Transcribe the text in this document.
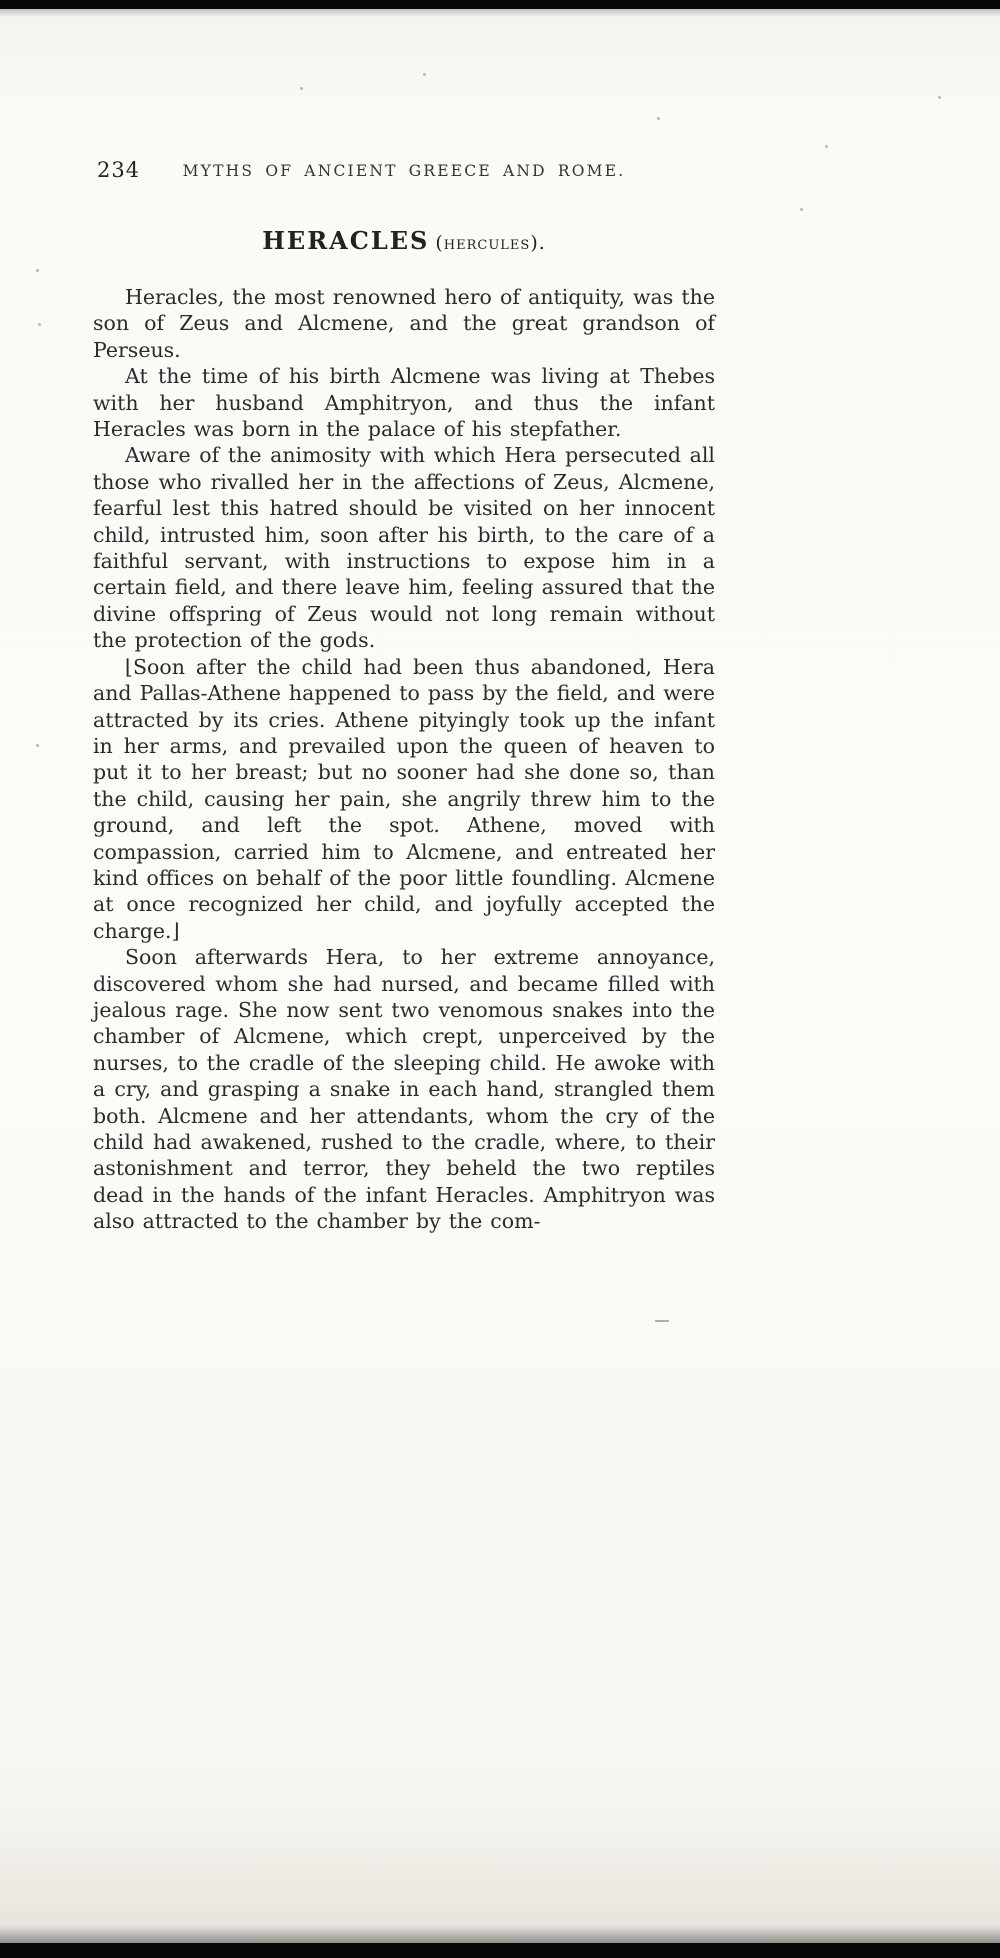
234	MYTHS OF ANCIENT GREECE AND ROME.
HERACLES (hercules).

Heracles, the most renowned hero of antiquity, was the son of Zeus and Alcmene, and the great grandson of Perseus.

At the time of his birth Alcmene was living at Thebes with her husband Amphitryon, and thus the infant Heracles was born in the palace of his stepfather.

Aware of the animosity with which Hera persecuted all those who rivalled her in the affections of Zeus, Alcmene, fearful lest this hatred should be visited on her innocent child, intrusted him, soon after his birth, to the care of a faithful servant, with instructions to expose him in a certain field, and there leave him, feeling assured that the divine offspring of Zeus would not long remain without the protection of the gods.

⌊Soon after the child had been thus abandoned, Hera and Pallas-Athene happened to pass by the field, and were attracted by its cries. Athene pityingly took up the infant in her arms, and prevailed upon the queen of heaven to put it to her breast; but no sooner had she done so, than the child, causing her pain, she angrily threw him to the ground, and left the spot. Athene, moved with compassion, carried him to Alcmene, and entreated her kind offices on behalf of the poor little foundling. Alcmene at once recognized her child, and joyfully accepted the charge.⌋

Soon afterwards Hera, to her extreme annoyance, discovered whom she had nursed, and became filled with jealous rage. She now sent two venomous snakes into the chamber of Alcmene, which crept, unperceived by the nurses, to the cradle of the sleeping child. He awoke with a cry, and grasping a snake in each hand, strangled them both. Alcmene and her attendants, whom the cry of the child had awakened, rushed to the cradle, where, to their astonishment and terror, they beheld the two reptiles dead in the hands of the infant Heracles. Amphitryon was also attracted to the chamber by the com-
